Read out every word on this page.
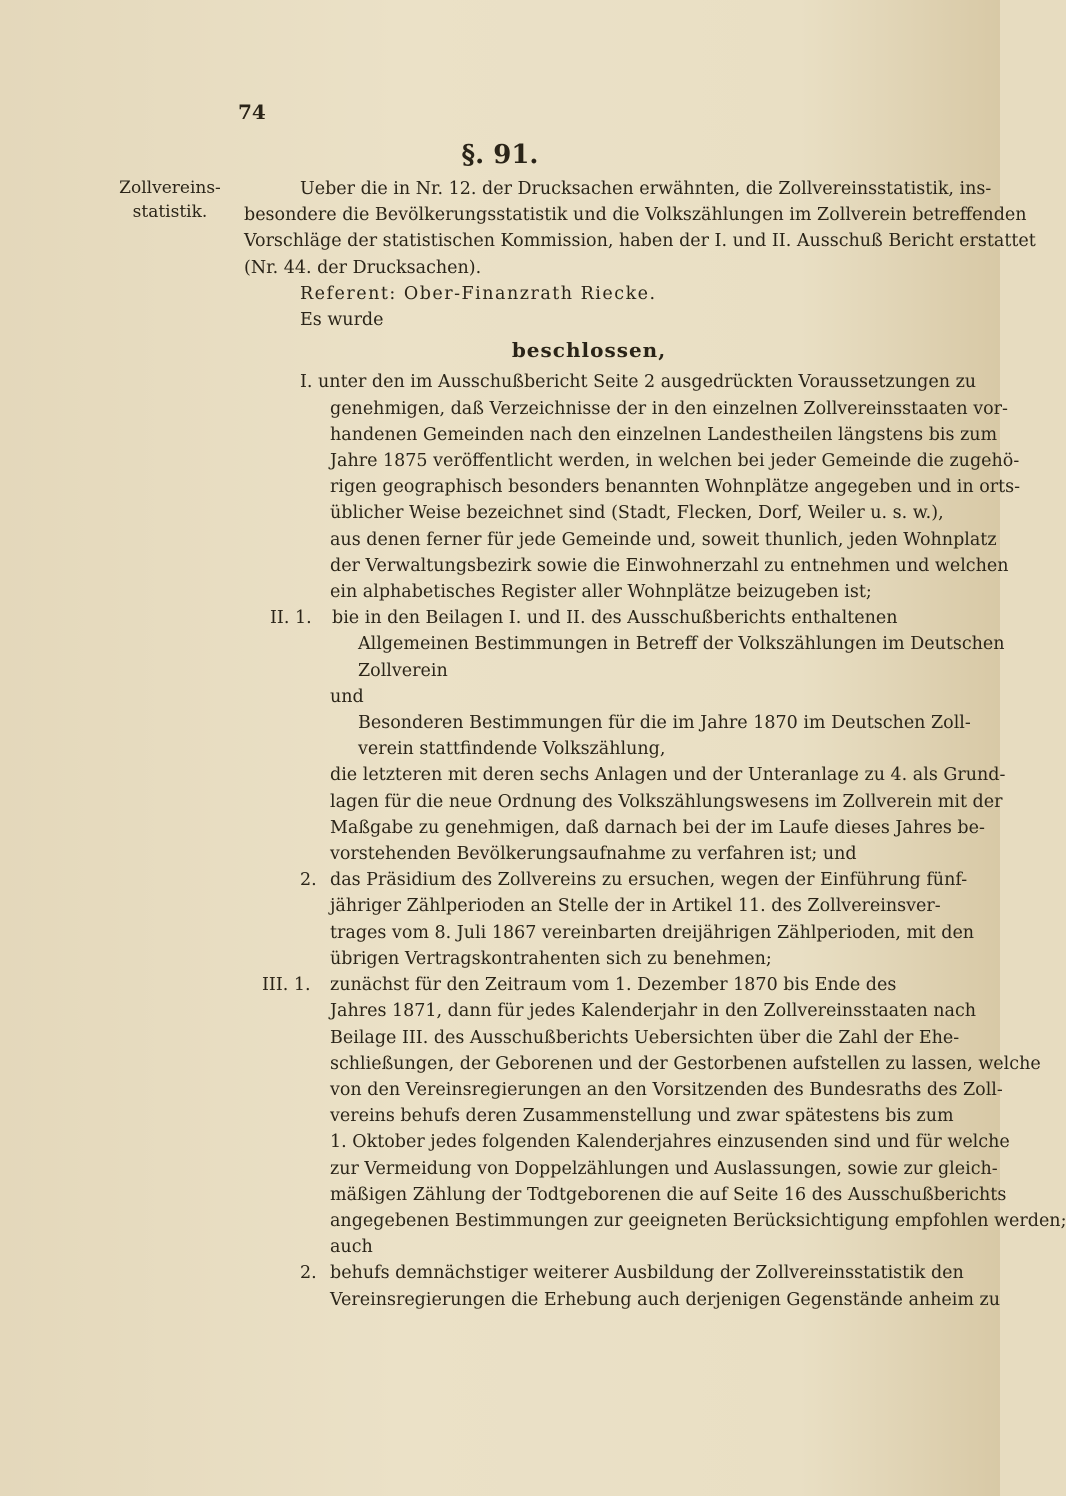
74
§. 91.
Zollvereins-
statistik.
Ueber die in Nr. 12. der Drucksachen erwähnten, die Zollvereinsstatistik, ins-
besondere die Bevölkerungsstatistik und die Volkszählungen im Zollverein betreffenden
Vorschläge der statistischen Kommission, haben der I. und II. Ausschuß Bericht erstattet
(Nr. 44. der Drucksachen).
Referent: Ober-Finanzrath Riecke.
Es wurde
beschlossen,
I. unter den im Ausschußbericht Seite 2 ausgedrückten Voraussetzungen zu
genehmigen, daß Verzeichnisse der in den einzelnen Zollvereinsstaaten vor-
handenen Gemeinden nach den einzelnen Landestheilen längstens bis zum
Jahre 1875 veröffentlicht werden, in welchen bei jeder Gemeinde die zugehö-
rigen geographisch besonders benannten Wohnplätze angegeben und in orts-
üblicher Weise bezeichnet sind (Stadt, Flecken, Dorf, Weiler u. s. w.),
aus denen ferner für jede Gemeinde und, soweit thunlich, jeden Wohnplatz
der Verwaltungsbezirk sowie die Einwohnerzahl zu entnehmen und welchen
ein alphabetisches Register aller Wohnplätze beizugeben ist;
II. 1. bie in den Beilagen I. und II. des Ausschußberichts enthaltenen
Allgemeinen Bestimmungen in Betreff der Volkszählungen im Deutschen
Zollverein
und
Besonderen Bestimmungen für die im Jahre 1870 im Deutschen Zoll-
verein stattfindende Volkszählung,
die letzteren mit deren sechs Anlagen und der Unteranlage zu 4. als Grund-
lagen für die neue Ordnung des Volkszählungswesens im Zollverein mit der
Maßgabe zu genehmigen, daß darnach bei der im Laufe dieses Jahres be-
vorstehenden Bevölkerungsaufnahme zu verfahren ist; und
2. das Präsidium des Zollvereins zu ersuchen, wegen der Einführung fünf-
jähriger Zählperioden an Stelle der in Artikel 11. des Zollvereinsver-
trages vom 8. Juli 1867 vereinbarten dreijährigen Zählperioden, mit den
übrigen Vertragskontrahenten sich zu benehmen;
III. 1. zunächst für den Zeitraum vom 1. Dezember 1870 bis Ende des
Jahres 1871, dann für jedes Kalenderjahr in den Zollvereinsstaaten nach
Beilage III. des Ausschußberichts Uebersichten über die Zahl der Ehe-
schließungen, der Geborenen und der Gestorbenen aufstellen zu lassen, welche
von den Vereinsregierungen an den Vorsitzenden des Bundesraths des Zoll-
vereins behufs deren Zusammenstellung und zwar spätestens bis zum
1. Oktober jedes folgenden Kalenderjahres einzusenden sind und für welche
zur Vermeidung von Doppelzählungen und Auslassungen, sowie zur gleich-
mäßigen Zählung der Todtgeborenen die auf Seite 16 des Ausschußberichts
angegebenen Bestimmungen zur geeigneten Berücksichtigung empfohlen werden;
auch
2. behufs demnächstiger weiterer Ausbildung der Zollvereinsstatistik den
Vereinsregierungen die Erhebung auch derjenigen Gegenstände anheim zu
